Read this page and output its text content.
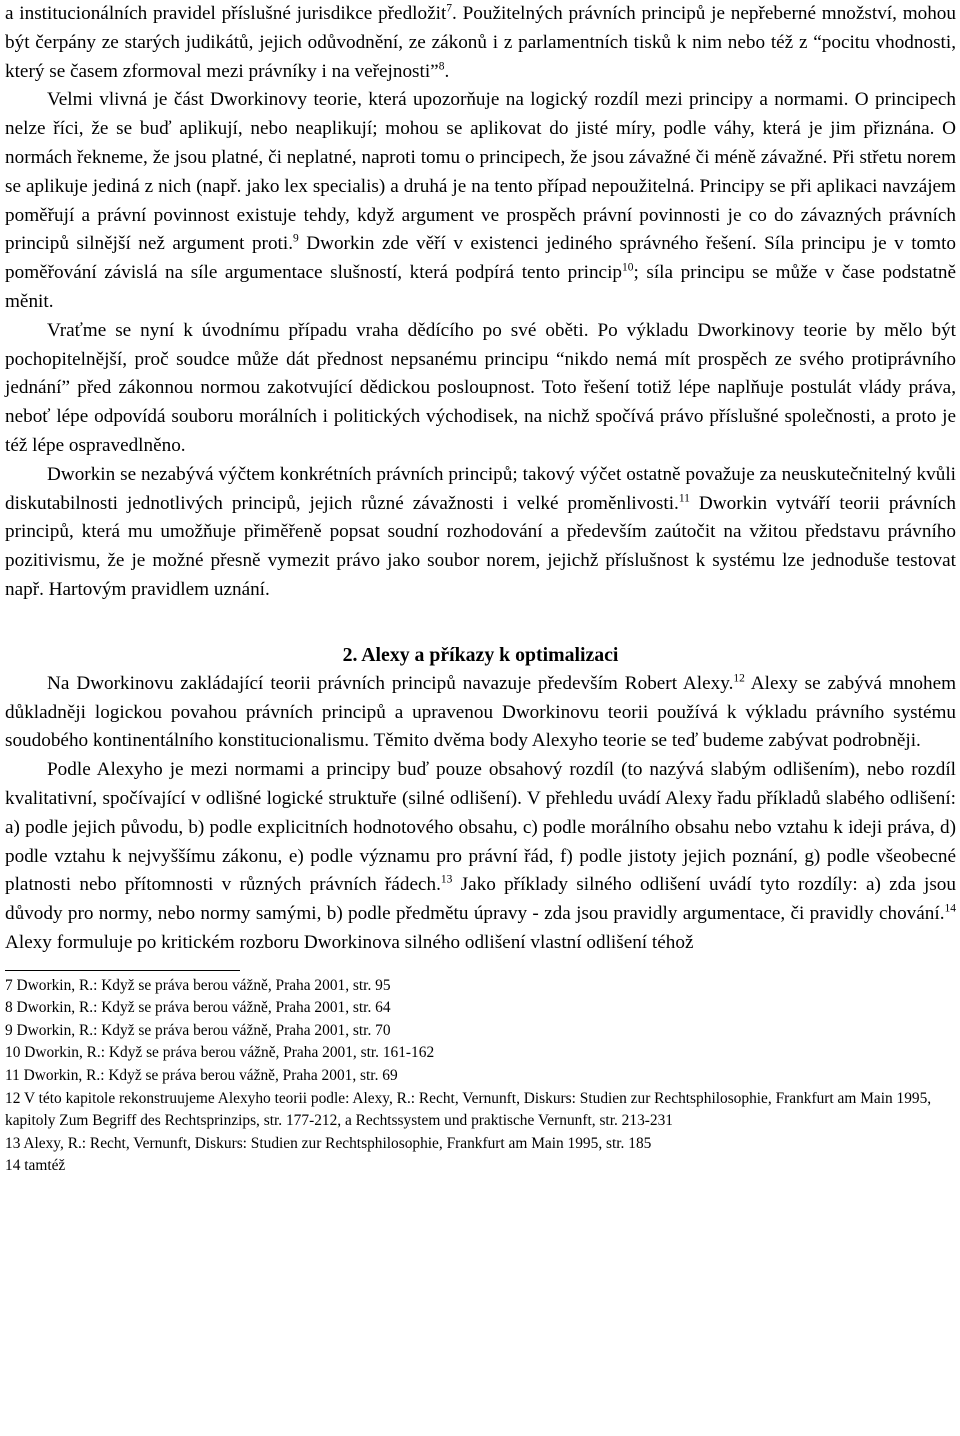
a institucionálních pravidel příslušné jurisdikce předložit$^7$. Použitelných právních principů je nepřeberné množství, mohou být čerpány ze starých judikátů, jejich odůvodnění, ze zákonů i z parlamentních tisků k nim nebo též z “pocitu vhodnosti, který se časem zformoval mezi právníky i na veřejnosti”$^8$.

Velmi vlivná je část Dworkinovy teorie, která upozorňuje na logický rozdíl mezi principy a normami. O principech nelze říci, že se buď aplikují, nebo neaplikují; mohou se aplikovat do jisté míry, podle váhy, která je jim přiznána. O normách řekneme, že jsou platné, či neplatné, naproti tomu o principech, že jsou závažné či méně závažné. Při střetu norem se aplikuje jediná z nich (např. jako lex specialis) a druhá je na tento případ nepoužitelná. Principy se při aplikaci navzájem poměřují a právní povinnost existuje tehdy, když argument ve prospěch právní povinnosti je co do závazných právních principů silnější než argument proti.$^9$ Dworkin zde věří v existenci jediného správného řešení. Síla principu je v tomto poměřování závislá na síle argumentace slušností, která podpírá tento princip$^{10}$; síla principu se může v čase podstatně měnit.

Vraťme se nyní k úvodnímu případu vraha dědícího po své oběti. Po výkladu Dworkinovy teorie by mělo být pochopitelnější, proč soudce může dát přednost nepsanému principu “nikdo nemá mít prospěch ze svého protiprávního jednání” před zákonnou normou zakotvující dědickou posloupnost. Toto řešení totiž lépe naplňuje postulát vlády práva, neboť lépe odpovídá souboru morálních i politických východisek, na nichž spočívá právo příslušné společnosti, a proto je též lépe ospravedlněno.

Dworkin se nezabývá výčtem konkrétních právních principů; takový výčet ostatně považuje za neuskutečnitelný kvůli diskutabilnosti jednotlivých principů, jejich různé závažnosti i velké proměnlivosti.$^{11}$ Dworkin vytváří teorii právních principů, která mu umožňuje přiměřeně popsat soudní rozhodování a především zaútočit na vžitou představu právního pozitivismu, že je možné přesně vymezit právo jako soubor norem, jejichž příslušnost k systému lze jednoduše testovat např. Hartovým pravidlem uznání.

2. Alexy a příkazy k optimalizaci

Na Dworkinovu zakládající teorii právních principů navazuje především Robert Alexy.$^{12}$ Alexy se zabývá mnohem důkladněji logickou povahou právních principů a upravenou Dworkinovu teorii používá k výkladu právního systému soudobého kontinentálního konstitucionalismu. Těmito dvěma body Alexyho teorie se teď budeme zabývat podrobněji.

Podle Alexyho je mezi normami a principy buď pouze obsahový rozdíl (to nazývá slabým odlišením), nebo rozdíl kvalitativní, spočívající v odlišné logické struktuře (silné odlišení). V přehledu uvádí Alexy řadu příkladů slabého odlišení: a) podle jejich původu, b) podle explicitních hodnotového obsahu, c) podle morálního obsahu nebo vztahu k ideji práva, d) podle vztahu k nejvyššímu zákonu, e) podle významu pro právní řád, f) podle jistoty jejich poznání, g) podle všeobecné platnosti nebo přítomnosti v různých právních řádech.$^{13}$ Jako příklady silného odlišení uvádí tyto rozdíly: a) zda jsou důvody pro normy, nebo normy samými, b) podle předmětu úpravy - zda jsou pravidly argumentace, či pravidly chování.$^{14}$ Alexy formuluje po kritickém rozboru Dworkinova silného odlišení vlastní odlišení téhož

7 Dworkin, R.: Když se práva berou vážně, Praha 2001, str. 95
8 Dworkin, R.: Když se práva berou vážně, Praha 2001, str. 64
9 Dworkin, R.: Když se práva berou vážně, Praha 2001, str. 70
10 Dworkin, R.: Když se práva berou vážně, Praha 2001, str. 161-162
11 Dworkin, R.: Když se práva berou vážně, Praha 2001, str. 69
12 V této kapitole rekonstruujeme Alexyho teorii podle: Alexy, R.: Recht, Vernunft, Diskurs: Studien zur Rechtsphilosophie, Frankfurt am Main 1995, kapitoly Zum Begriff des Rechtsprinzips, str. 177-212, a Rechtssystem und praktische Vernunft, str. 213-231
13 Alexy, R.: Recht, Vernunft, Diskurs: Studien zur Rechtsphilosophie, Frankfurt am Main 1995, str. 185
14 tamtéž
